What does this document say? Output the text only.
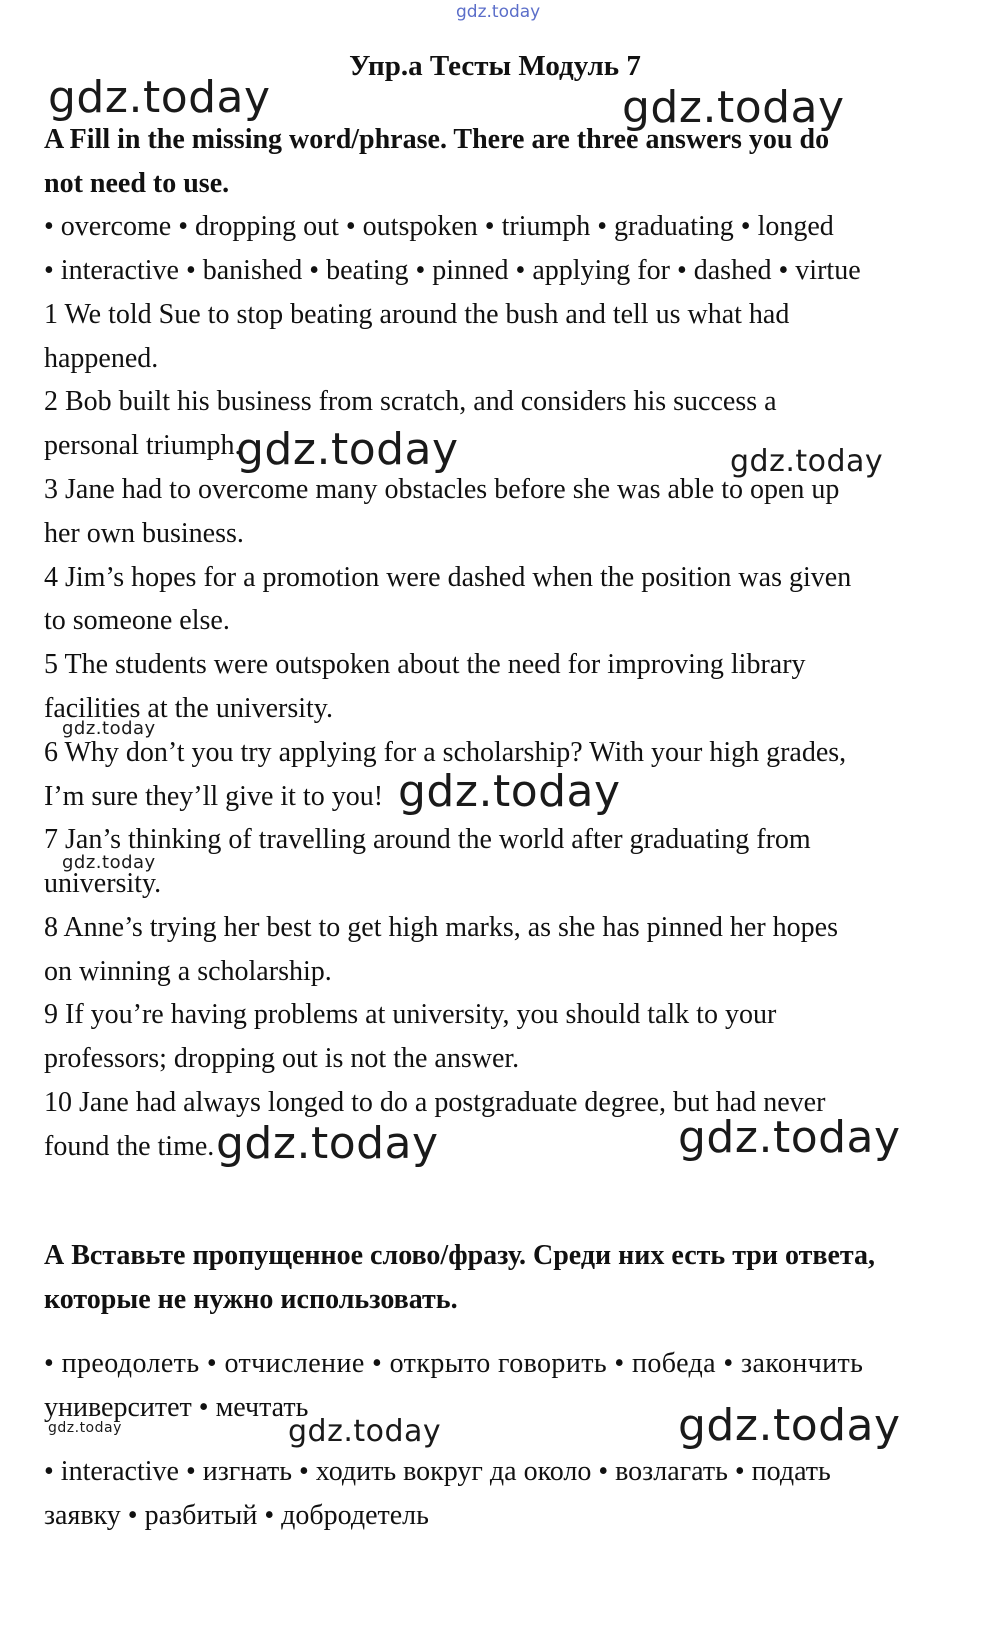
gdz.today
Упр.a Тесты Модуль 7
A Fill in the missing word/phrase. There are three answers you do
not need to use.
• overcome • dropping out • outspoken • triumph • graduating • longed
• interactive • banished • beating • pinned • applying for • dashed • virtue
1 We told Sue to stop beating around the bush and tell us what had
happened.
2 Bob built his business from scratch, and considers his success a
personal triumph.
3 Jane had to overcome many obstacles before she was able to open up
her own business.
4 Jim’s hopes for a promotion were dashed when the position was given
to someone else.
5 The students were outspoken about the need for improving library
facilities at the university.
6 Why don’t you try applying for a scholarship? With your high grades,
I’m sure they’ll give it to you!
7 Jan’s thinking of travelling around the world after graduating from
university.
8 Anne’s trying her best to get high marks, as she has pinned her hopes
on winning a scholarship.
9 If you’re having problems at university, you should talk to your
professors; dropping out is not the answer.
10 Jane had always longed to do a postgraduate degree, but had never
found the time.
А Вставьте пропущенное слово/фразу. Среди них есть три ответа,
которые не нужно использовать.
• преодолеть • отчисление • открыто говорить • победа • закончить
университет • мечтать
• interactive • изгнать • ходить вокруг да около • возлагать • подать
заявку • разбитый • добродетель
gdz.today	gdz.today
gdz.today	gdz.today
gdz.today
gdz.today
gdz.today
gdz.today	gdz.today
gdz.today	gdz.today	gdz.today
